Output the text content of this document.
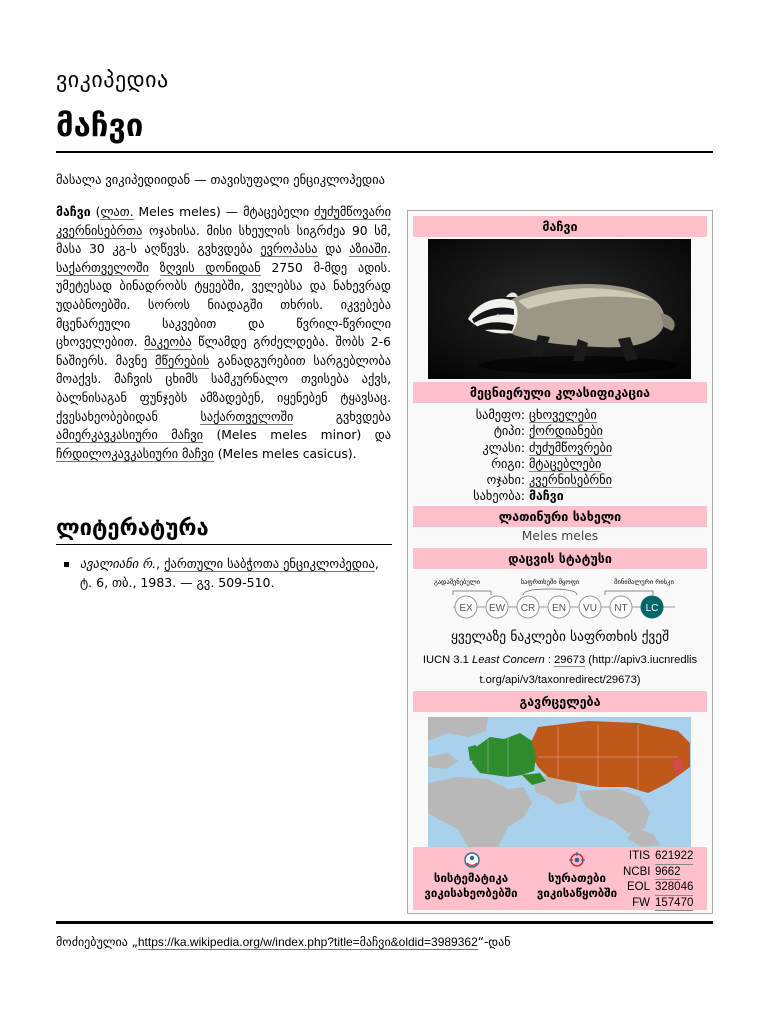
ვიკიპედია
მაჩვი
მასალა ვიკიპედიიდან — თავისუფალი ენციკლოპედია

მაჩვი (ლათ. Meles meles) — მტაცებელი ძუძუმწოვარი კვერნისებრთა ოჯახისა. მისი სხეულის სიგრძეა 90 სმ, მასა 30 კგ-ს აღწევს. გვხვდება ევროპასა და აზიაში. საქართველოში ზღვის დონიდან 2750 მ-მდე ადის. უმეტესად ბინადრობს ტყეებში, ველებსა და ნახევრად უდაბნოებში. სოროს ნიადაგში თხრის. იკვებება მცენარეული საკვებით და წვრილ-წვრილი ცხოველებით. მაკეობა წლამდე გრძელდება. შობს 2-6 ნაშიერს. მავნე მწერების განადგურებით სარგებლობა მოაქვს. მაჩვის ცხიმს სამკურნალო თვისება აქვს, ბალნისაგან ფუნჯებს ამზადებენ, იყენებენ ტყავსაც. ქვესახეობებიდან საქართველოში გვხვდება ამიერკავკასიური მაჩვი (Meles meles minor) და ჩრდილოკავკასიური მაჩვი (Meles meles casicus).

ლიტერატურა
ავალიანი რ., ქართული საბჭოთა ენციკლოპედია, ტ. 6, თბ., 1983. — გვ. 509-510.
მაჩვი
მეცნიერული კლასიფიკაცია
სამეფო: ცხოველები
ტიპი: ქორდიანები
კლასი: ძუძუმწოვრები
რიგი: მტაცებლები
ოჯახი: კვერნისებრნი
სახეობა: მაჩვი
ლათინური სახელი
Meles meles
დაცვის სტატუსი
გადაშენებული	საფრთხეში მყოფი	მინიმალური რისკი
EX EW CR EN VU NT LC
ყველაზე ნაკლები საფრთხის ქვეშ
IUCN 3.1 Least Concern : 29673 (http://apiv3.iucnredlis
t.org/api/v3/taxonredirect/29673)
გავრცელება
სისტემატიკა
ვიკისახეობებში
სურათები
ვიკისაწყობში
ITIS 621922
NCBI 9662
EOL 328046
FW 157470
მოძიებულია „https://ka.wikipedia.org/w/index.php?title=მაჩვი&oldid=3989362“-დან
